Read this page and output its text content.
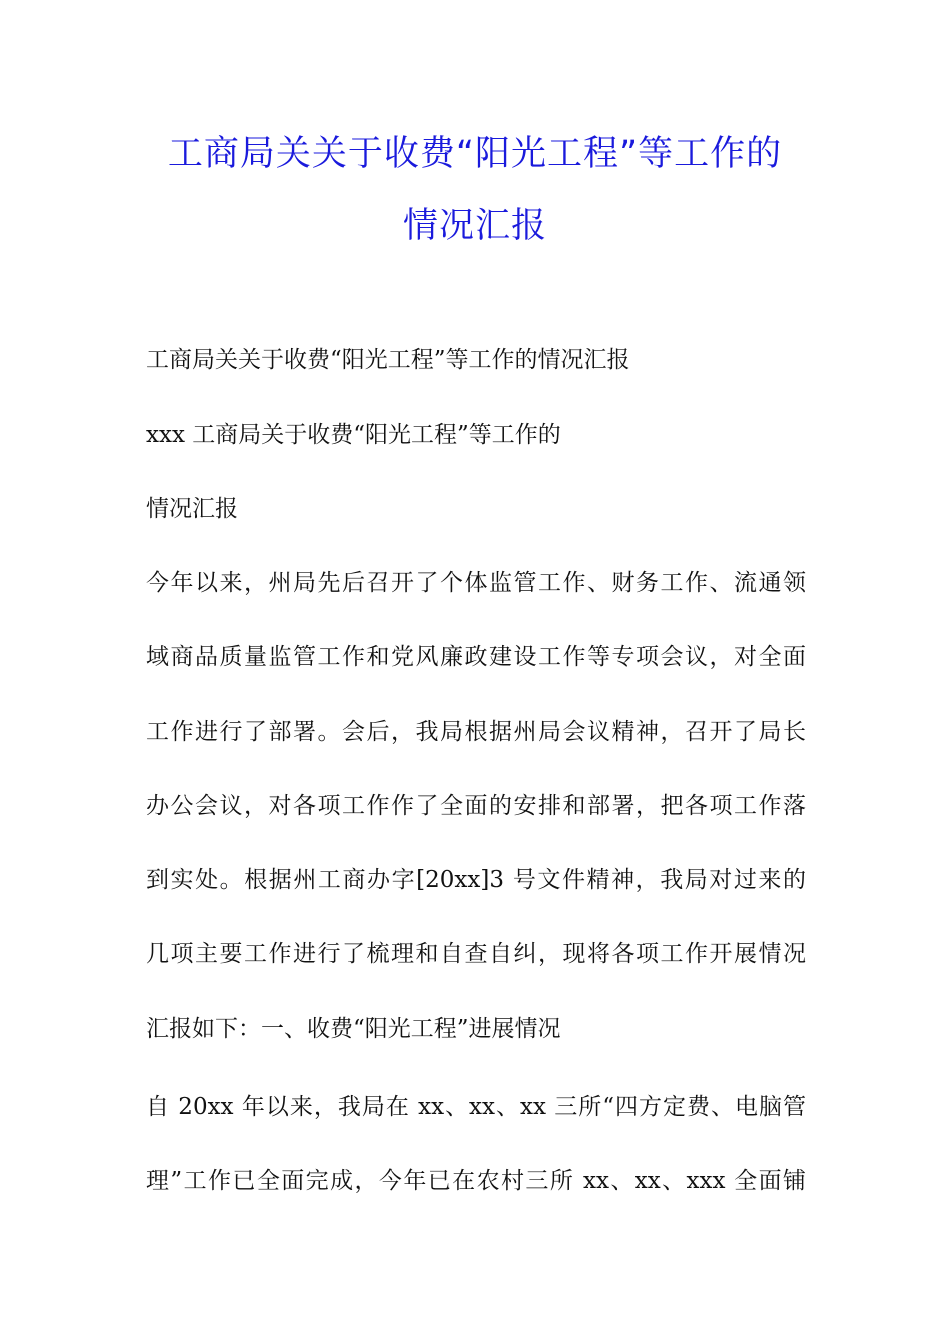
工商局关关于收费“阳光工程”等工作的
情况汇报

工商局关关于收费“阳光工程”等工作的情况汇报

xxx 工商局关于收费“阳光工程”等工作的

情况汇报

今年以来，州局先后召开了个体监管工作、财务工作、流通领

域商品质量监管工作和党风廉政建设工作等专项会议，对全面

工作进行了部署。会后，我局根据州局会议精神，召开了局长

办公会议，对各项工作作了全面的安排和部署，把各项工作落

到实处。根据州工商办字[20xx]3 号文件精神，我局对过来的

几项主要工作进行了梳理和自查自纠，现将各项工作开展情况

汇报如下：一、收费“阳光工程”进展情况

自 20xx 年以来，我局在 xx、xx、xx 三所“四方定费、电脑管

理”工作已全面完成，今年已在农村三所 xx、xx、xxx 全面铺
